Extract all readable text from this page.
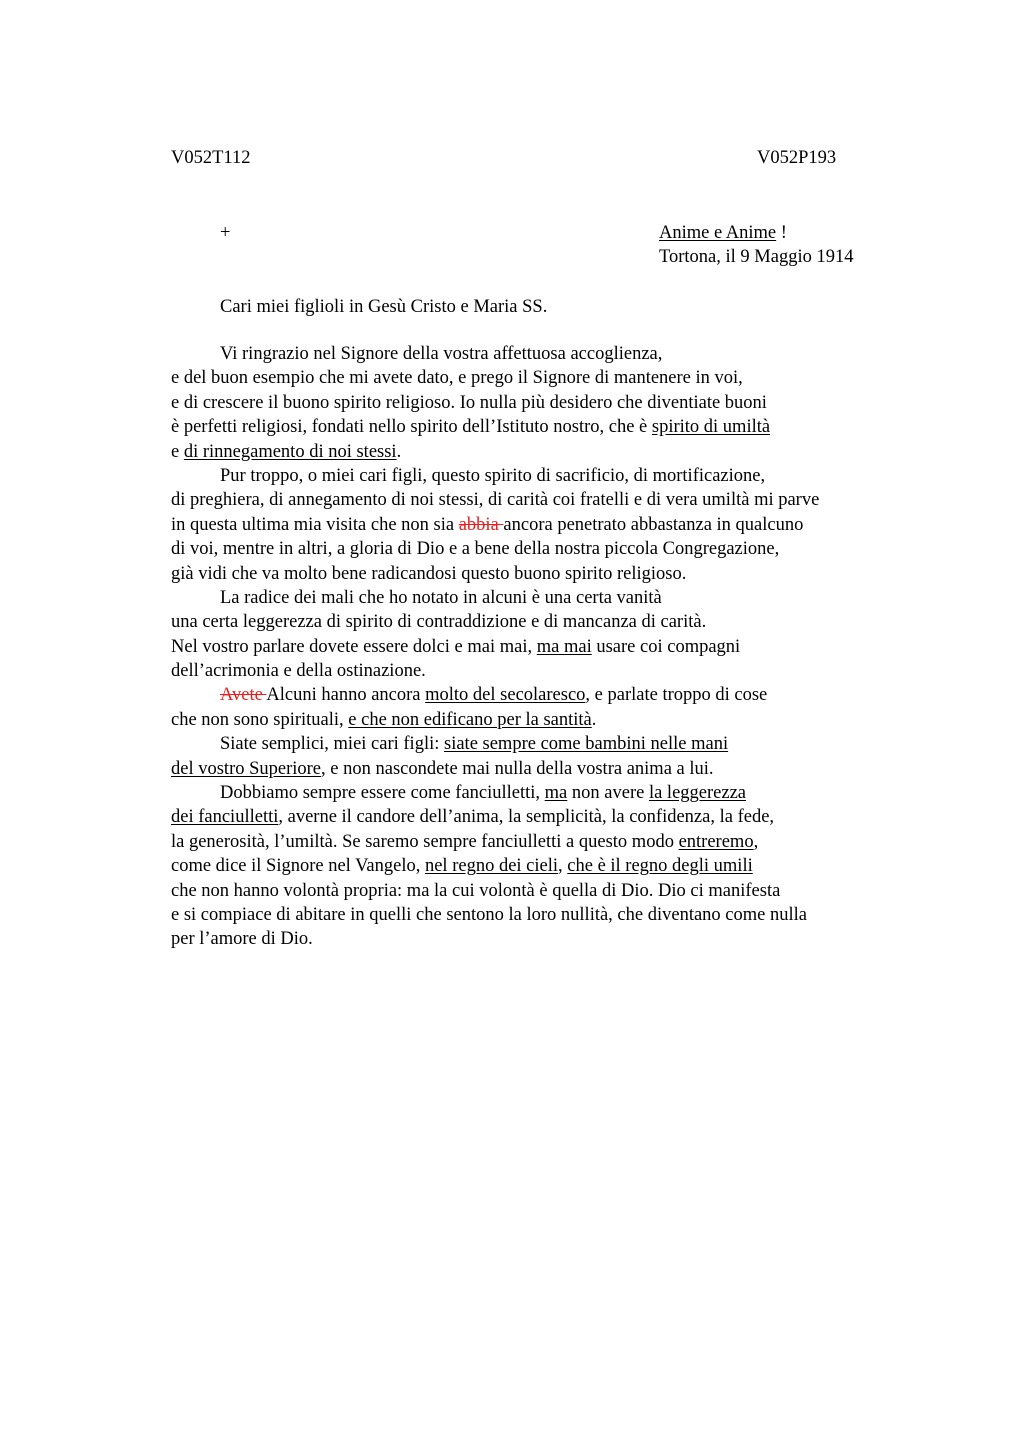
V052T112	V052P193
+	Anime e Anime !
Tortona, il 9 Maggio 1914
Cari miei figlioli in Gesù Cristo e Maria SS.
Vi ringrazio nel Signore della vostra affettuosa accoglienza,
e del buon esempio che mi avete dato, e prego il Signore di mantenere in voi,
e di crescere il buono spirito religioso. Io nulla più desidero che diventiate buoni
è perfetti religiosi, fondati nello spirito dell’Istituto nostro, che è spirito di umiltà
e di rinnegamento di noi stessi.
Pur troppo, o miei cari figli, questo spirito di sacrificio, di mortificazione,
di preghiera, di annegamento di noi stessi, di carità coi fratelli e di vera umiltà mi parve
in questa ultima mia visita che non sia abbia ancora penetrato abbastanza in qualcuno
di voi, mentre in altri, a gloria di Dio e a bene della nostra piccola Congregazione,
già vidi che va molto bene radicandosi questo buono spirito religioso.
La radice dei mali che ho notato in alcuni è una certa vanità
una certa leggerezza di spirito di contraddizione e di mancanza di carità.
Nel vostro parlare dovete essere dolci e mai mai, ma mai usare coi compagni
dell’acrimonia e della ostinazione.
Avete Alcuni hanno ancora molto del secolaresco, e parlate troppo di cose
che non sono spirituali, e che non edificano per la santità.
Siate semplici, miei cari figli: siate sempre come bambini nelle mani
del vostro Superiore, e non nascondete mai nulla della vostra anima a lui.
Dobbiamo sempre essere come fanciulletti, ma non avere la leggerezza
dei fanciulletti, averne il candore dell’anima, la semplicità, la confidenza, la fede,
la generosità, l’umiltà. Se saremo sempre fanciulletti a questo modo entreremo,
come dice il Signore nel Vangelo, nel regno dei cieli, che è il regno degli umili
che non hanno volontà propria: ma la cui volontà è quella di Dio. Dio ci manifesta
e si compiace di abitare in quelli che sentono la loro nullità, che diventano come nulla
per l’amore di Dio.
